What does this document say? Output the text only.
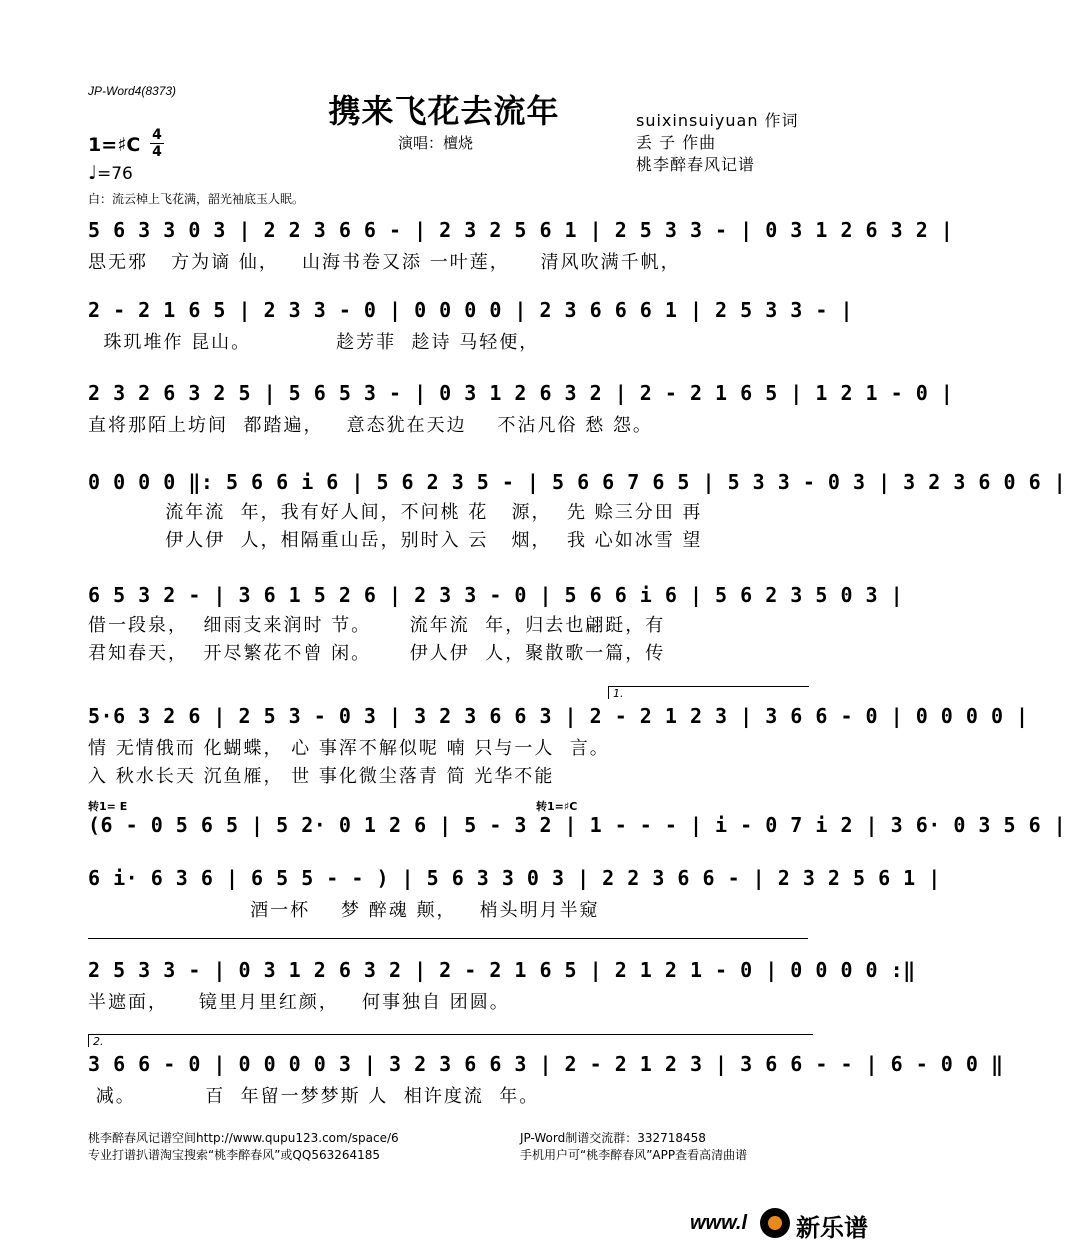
JP-Word4(8373)
携来飞花去流年
演唱：檀烧
suixinsuiyuan 作词
丢 子 作曲
桃李醉春风记谱
1=♯C 4
4
♩=76
白：流云棹上飞花满，韶光袖底玉人眠。
5 6 3 3 0 3 | 2 2 3 6 6 - | 2 3 2 5 6 1 | 2 5 3 3 - | 0 3 1 2 6 3 2 |
思无邪   方为谪 仙，   山海书卷又添 一叶莲，    清风吹满千帆，
2 - 2 1 6 5 | 2 3 3 - 0 | 0 0 0 0 | 2 3 6 6 6 1 | 2 5 3 3 - |
珠玑堆作 昆山。           趁芳菲  趁诗 马轻便，
2 3 2 6 3 2 5 | 5 6 5 3 - | 0 3 1 2 6 3 2 | 2 - 2 1 6 5 | 1 2 1 - 0 |
直将那陌上坊间  都踏遍，   意态犹在天边    不沾凡俗 愁 怨。
0 0 0 0 ‖: 5 6 6 i 6 | 5 6 2 3 5 - | 5 6 6 7 6 5 | 5 3 3 - 0 3 | 3 2 3 6 0 6 |
流年流  年，我有好人间，不问桃 花   源，  先 赊三分田 再
伊人伊  人，相隔重山岳，别时入 云   烟，  我 心如冰雪 望
6 5 3 2 - | 3 6 1 5 2 6 | 2 3 3 - 0 | 5 6 6 i 6 | 5 6 2 3 5 0 3 |
借一段泉，  细雨支来润时 节。     流年流  年，归去也翩跹，有
君知春天，  开尽繁花不曾 闲。     伊人伊  人，聚散歌一篇，传
1.
5·6 3 2 6 | 2 5 3 - 0 3 | 3 2 3 6 6 3 | 2 - 2 1 2 3 | 3 6 6 - 0 | 0 0 0 0 |
情 无情俄而 化蝴蝶， 心 事浑不解似呢 喃 只与一人  言。
入 秋水长天 沉鱼雁， 世 事化微尘落青 简 光华不能
转1= E	转1=♯C
(6 - 0 5 6 5 | 5 2· 0 1 2 6 | 5 - 3 2 | 1 - - - | i - 0 7 i 2 | 3 6· 0 3 5 6 |
6 i· 6 3 6 | 6 5 5 - - ) | 5 6 3 3 0 3 | 2 2 3 6 6 - | 2 3 2 5 6 1 |
酒一杯    梦 醉魂 颠，   梢头明月半窥
2 5 3 3 - | 0 3 1 2 6 3 2 | 2 - 2 1 6 5 | 2 1 2 1 - 0 | 0 0 0 0 :‖
半遮面，    镜里月里红颜，   何事独自 团圆。
2.
3 6 6 - 0 | 0 0 0 0 3 | 3 2 3 6 6 3 | 2 - 2 1 2 3 | 3 6 6 - - | 6 - 0 0 ‖
减。         百  年留一梦梦斯 人  相许度流  年。
桃李醉春风记谱空间http://www.qupu123.com/space/6
专业打谱扒谱淘宝搜索“桃李醉春风”或QQ563264185
JP-Word制谱交流群：332718458
手机用户可“桃李醉春风”APP查看高清曲谱
www.l 新乐谱
